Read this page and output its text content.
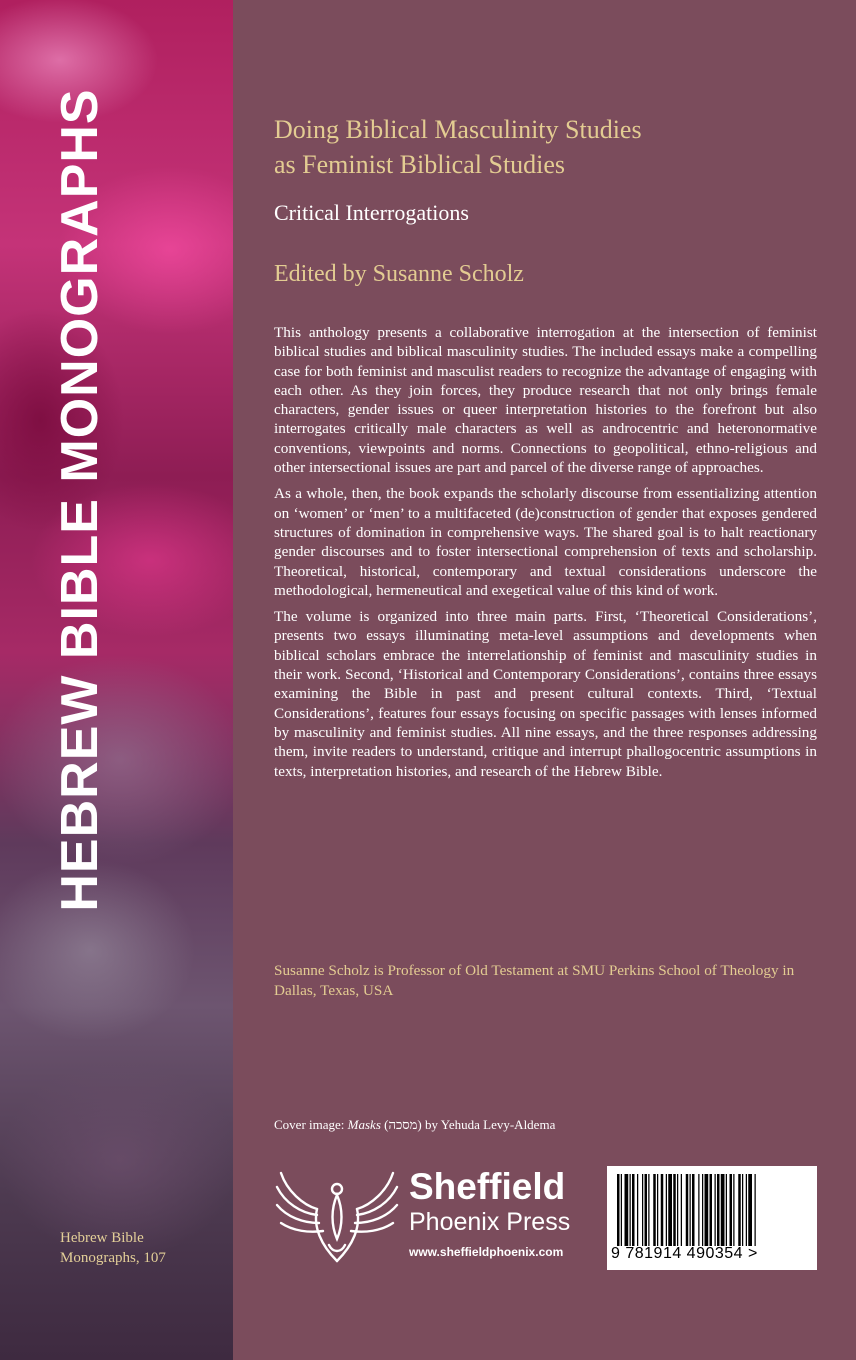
HEBREW BIBLE MONOGRAPHS
Hebrew Bible
Monographs, 107
Doing Biblical Masculinity Studies
as Feminist Biblical Studies
Critical Interrogations
Edited by Susanne Scholz

This anthology presents a collaborative interrogation at the intersection of feminist biblical studies and biblical masculinity studies. The included essays make a compelling case for both feminist and masculist readers to recognize the advantage of engaging with each other. As they join forces, they produce research that not only brings female characters, gender issues or queer interpretation histories to the forefront but also interrogates critically male characters as well as androcentric and heteronormative conventions, viewpoints and norms. Connections to geopolitical, ethno-religious and other intersectional issues are part and parcel of the diverse range of approaches.

As a whole, then, the book expands the scholarly discourse from essentializing attention on ‘women’ or ‘men’ to a multifaceted (de)construction of gender that exposes gendered structures of domination in comprehensive ways. The shared goal is to halt reactionary gender discourses and to foster intersectional comprehension of texts and scholarship. Theoretical, historical, contemporary and textual considerations underscore the methodological, hermeneutical and exegetical value of this kind of work.

The volume is organized into three main parts. First, ‘Theoretical Considerations’, presents two essays illuminating meta-level assumptions and developments when biblical scholars embrace the interrelationship of feminist and masculinity studies in their work. Second, ‘Historical and Contemporary Considerations’, contains three essays examining the Bible in past and present cultural contexts. Third, ‘Textual Considerations’, features four essays focusing on specific passages with lenses informed by masculinity and feminist studies. All nine essays, and the three responses addressing them, invite readers to understand, critique and interrupt phallogocentric assumptions in texts, interpretation histories, and research of the Hebrew Bible.

Susanne Scholz is Professor of Old Testament at SMU Perkins School of Theology in Dallas, Texas, USA
Cover image: Masks (מסכה) by Yehuda Levy-Aldema
Sheffield
Phoenix Press
www.sheffieldphoenix.com	9 781914 490354 >
